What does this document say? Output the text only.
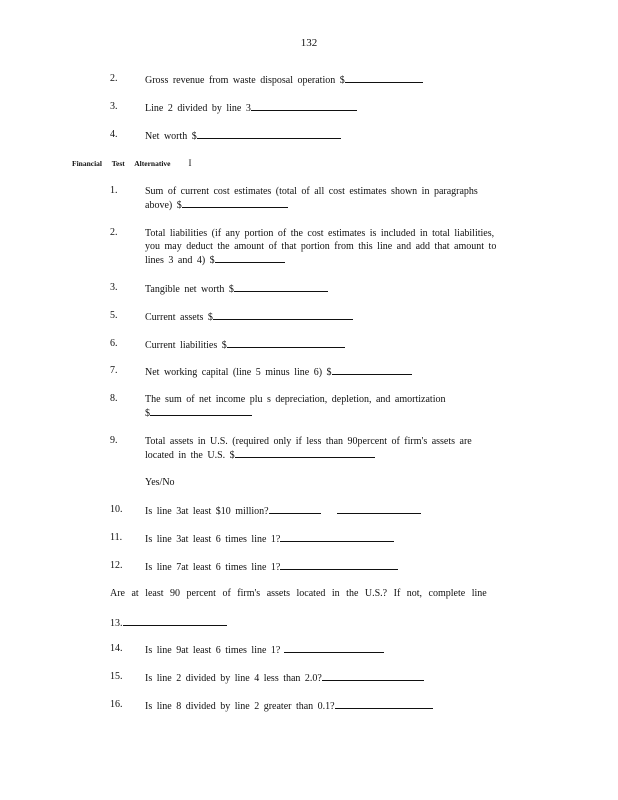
132
2.	Gross revenue from waste disposal operation $
3.	Line 2 divided by line 3
4.	Net worth $
Financial Test Alternative I
1.	Sum of current cost estimates (total of all cost estimates shown in paragraphs
above) $
2.	Total liabilities (if any portion of the cost estimates is included in total liabilities,
you may deduct the amount of that portion from this line and add that amount to
lines 3 and 4) $
3.	Tangible net worth $
5.	Current assets $
6.	Current liabilities $
7.	Net working capital (line 5 minus line 6) $
8.	The sum of net income plu s depreciation, depletion, and amortization
$
9.	Total assets in U.S. (required only if less than 90percent of firm's assets are
located in the U.S. $
Yes/No
10. Is line 3at least $10 million?
11. Is line 3at least 6 times line 1?
12. Is line 7at least 6 times line 1?
Are at least 90 percent of firm's assets located in the U.S.? If not, complete line
13.
14. Is line 9at least 6 times line 1?
15. Is line 2 divided by line 4 less than 2.0?
16. Is line 8 divided by line 2 greater than 0.1?
